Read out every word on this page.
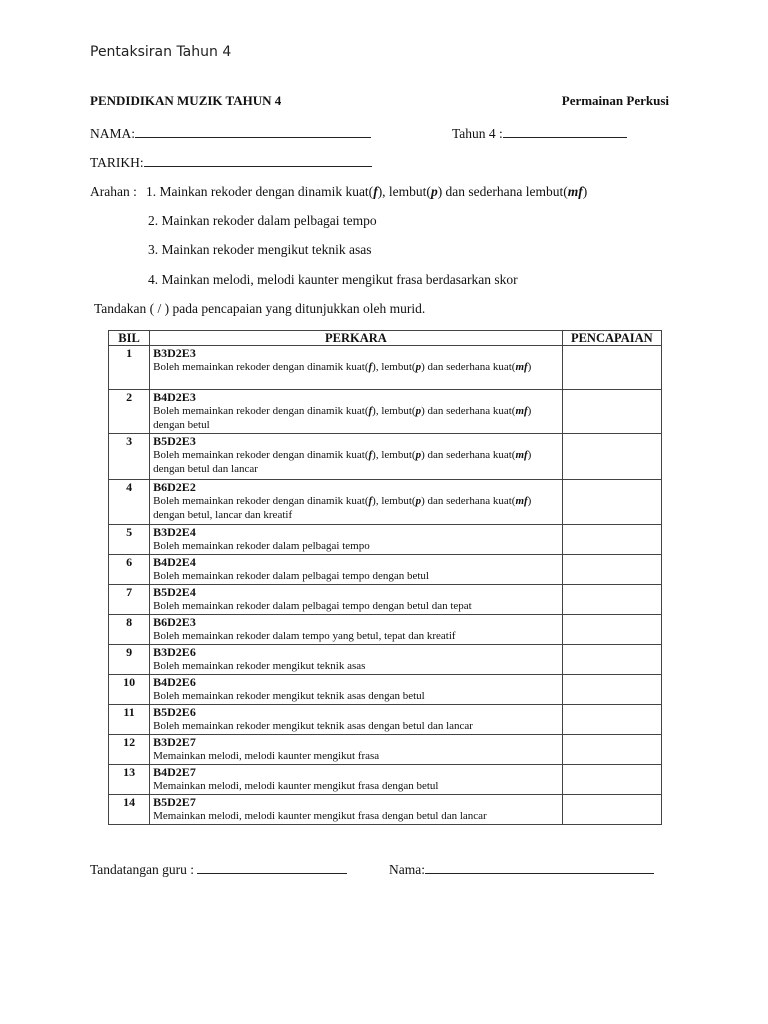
Pentaksiran Tahun 4
PENDIDIKAN MUZIK TAHUN 4	Permainan Perkusi
NAMA:	Tahun 4 :
TARIKH:
Arahan : 1. Mainkan rekoder dengan dinamik kuat(f), lembut(p) dan sederhana lembut(mf)
2. Mainkan rekoder dalam pelbagai tempo
3. Mainkan rekoder mengikut teknik asas
4. Mainkan melodi, melodi kaunter mengikut frasa berdasarkan skor
Tandakan ( / ) pada pencapaian yang ditunjukkan oleh murid.
BIL	PERKARA	PENCAPAIAN
1	B3D2E3
Boleh memainkan rekoder dengan dinamik kuat(f), lembut(p) dan sederhana kuat(mf)	

2	B4D2E3
Boleh memainkan rekoder dengan dinamik kuat(f), lembut(p) dan sederhana kuat(mf) dengan betul	

3	B5D2E3
Boleh memainkan rekoder dengan dinamik kuat(f), lembut(p) dan sederhana kuat(mf) dengan betul dan lancar	

4	B6D2E2
Boleh memainkan rekoder dengan dinamik kuat(f), lembut(p) dan sederhana kuat(mf) dengan betul, lancar dan kreatif	

5	B3D2E4
Boleh memainkan rekoder dalam pelbagai tempo	

6	B4D2E4
Boleh memainkan rekoder dalam pelbagai tempo dengan betul	

7	B5D2E4
Boleh memainkan rekoder dalam pelbagai tempo dengan betul dan tepat	

8	B6D2E3
Boleh memainkan rekoder dalam tempo yang betul, tepat dan kreatif	

9	B3D2E6
Boleh memainkan rekoder mengikut teknik asas	

10	B4D2E6
Boleh memainkan rekoder mengikut teknik asas dengan betul	

11	B5D2E6
Boleh memainkan rekoder mengikut teknik asas dengan betul dan lancar	

12	B3D2E7
Memainkan melodi, melodi kaunter mengikut frasa	

13	B4D2E7
Memainkan melodi, melodi kaunter mengikut frasa dengan betul	

14	B5D2E7
Memainkan melodi, melodi kaunter mengikut frasa dengan betul dan lancar	

Tandatangan guru :	Nama:
